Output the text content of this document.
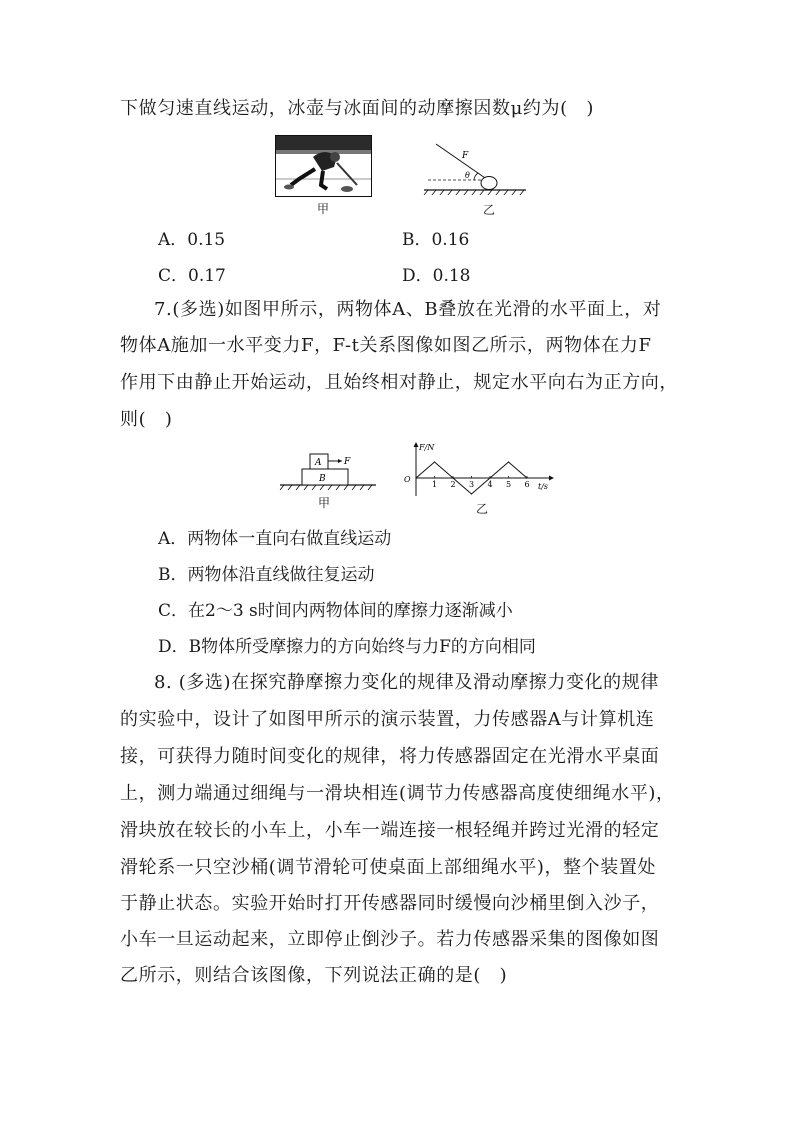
下做匀速直线运动，冰壶与冰面间的动摩擦因数μ约为(　)
甲
F
θ
乙
A．0.15	B．0.16
C．0.17	D．0.18
7.(多选)如图甲所示，两物体A、B叠放在光滑的水平面上，对
物体A施加一水平变力F，F-t关系图像如图乙所示，两物体在力F
作用下由静止开始运动，且始终相对静止，规定水平向右为正方向，
则(　)
A
B
F
甲
F/N
t/s
O
1 2 3 4 5 6
乙
A．两物体一直向右做直线运动
B．两物体沿直线做往复运动
C．在2～3 s时间内两物体间的摩擦力逐渐减小
D．B物体所受摩擦力的方向始终与力F的方向相同
8. (多选)在探究静摩擦力变化的规律及滑动摩擦力变化的规律
的实验中，设计了如图甲所示的演示装置，力传感器A与计算机连
接，可获得力随时间变化的规律，将力传感器固定在光滑水平桌面
上，测力端通过细绳与一滑块相连(调节力传感器高度使细绳水平)，
滑块放在较长的小车上，小车一端连接一根轻绳并跨过光滑的轻定
滑轮系一只空沙桶(调节滑轮可使桌面上部细绳水平)，整个装置处
于静止状态。实验开始时打开传感器同时缓慢向沙桶里倒入沙子，
小车一旦运动起来，立即停止倒沙子。若力传感器采集的图像如图
乙所示，则结合该图像，下列说法正确的是(　)
